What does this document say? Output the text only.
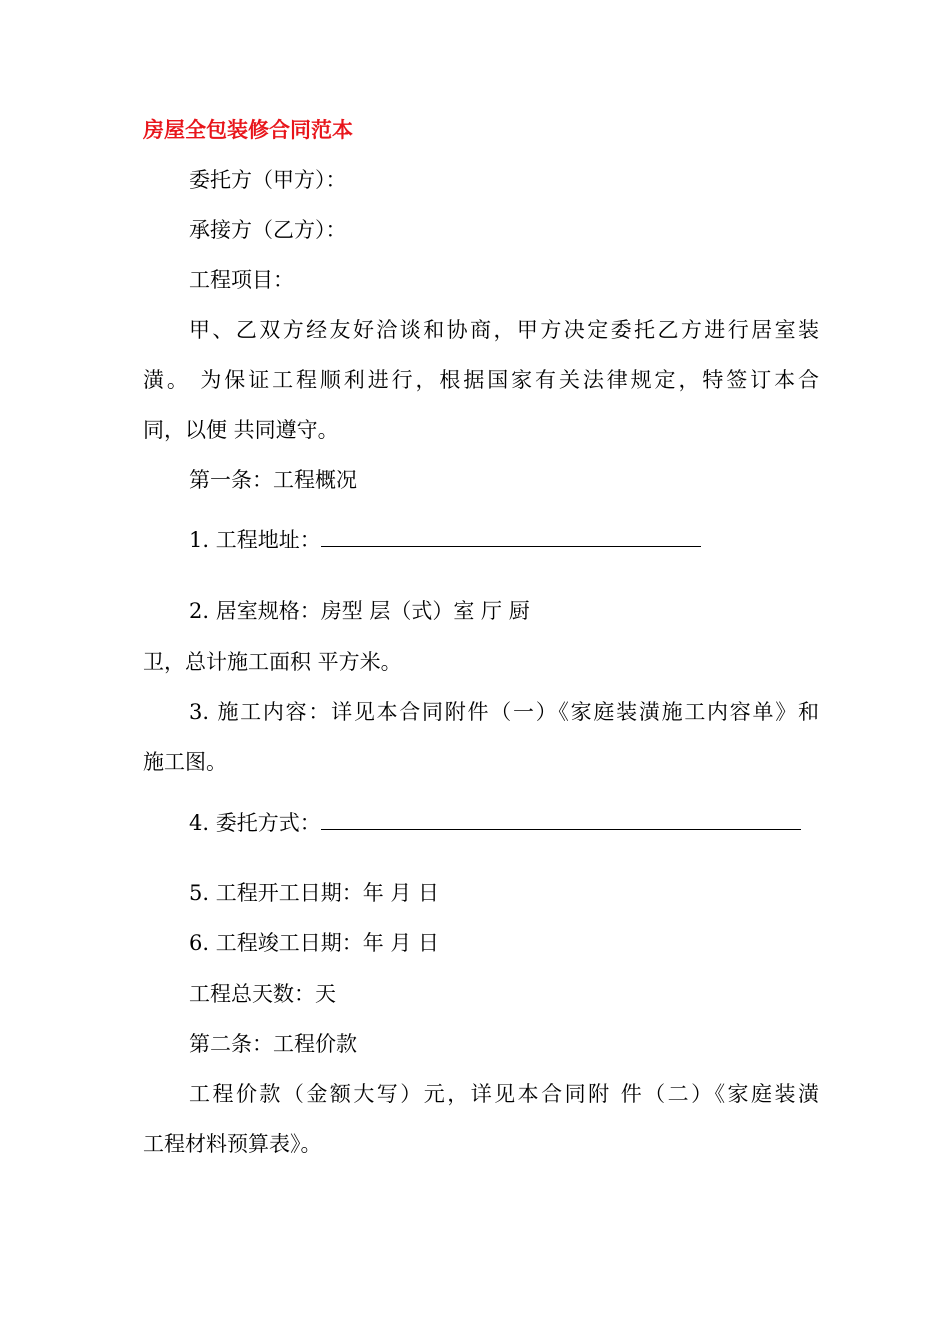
房屋全包装修合同范本
委托方（甲方）：
承接方（乙方）：
工程项目：
甲、乙双方经友好洽谈和协商，甲方决定委托乙方进行居室装
潢。 为保证工程顺利进行，根据国家有关法律规定，特签订本合
同，以便 共同遵守。
第一条：工程概况
1. 工程地址：
2. 居室规格：房型 层（式）室 厅 厨
卫，总计施工面积 平方米。
3. 施工内容：详见本合同附件（一）《家庭装潢施工内容单》和
施工图。
4. 委托方式：
5. 工程开工日期：年 月 日
6. 工程竣工日期：年 月 日
工程总天数：天
第二条：工程价款
工程价款（金额大写）元，详见本合同附 件（二）《家庭装潢
工程材料预算表》。
